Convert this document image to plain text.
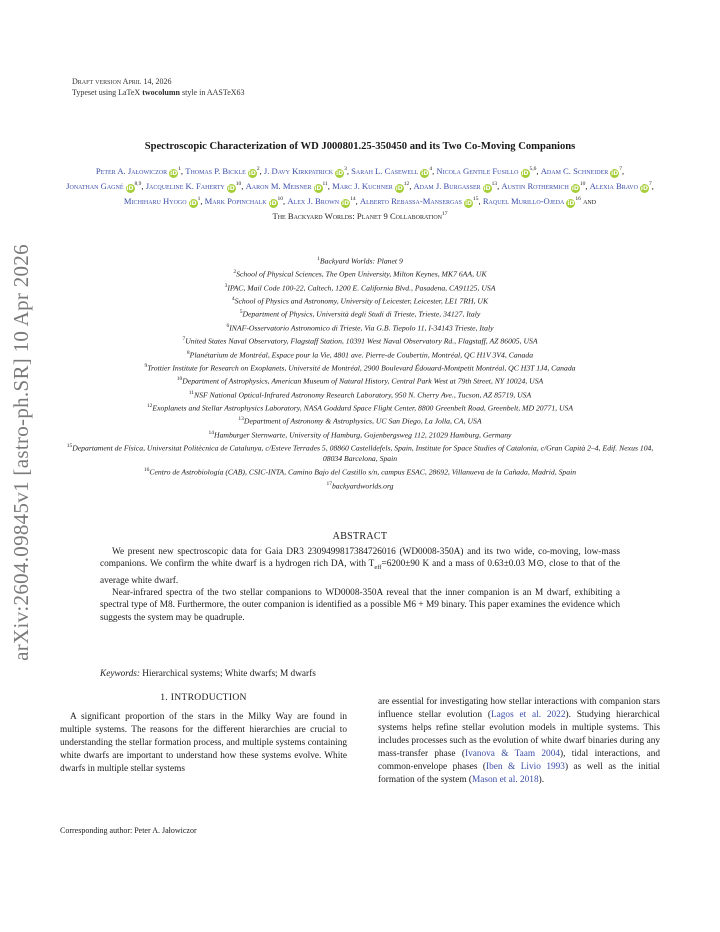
arXiv:2604.09845v1 [astro-ph.SR] 10 Apr 2026
Draft version April 14, 2026
Typeset using LaTeX twocolumn style in AASTeX63
Spectroscopic Characterization of WD J000801.25-350450 and its Two Co-Moving Companions
Peter A. Jałowiczor iD$^1$, Thomas P. Bickle iD$^2$, J. Davy Kirkpatrick iD$^3$, Sarah L. Casewell iD$^4$, Nicola Gentile Fusillo iD$^{5,6}$, Adam C. Schneider iD$^7$, Jonathan Gagné iD$^{8,9}$, Jacqueline K. Faherty iD$^{10}$, Aaron M. Meisner iD$^{11}$, Marc J. Kuchner iD$^{12}$, Adam J. Burgasser iD$^{13}$, Austin Rothermich iD$^{10}$, Alexia Bravo iD$^7$, Michiharu Hyogo iD$^1$, Mark Popinchalk iD$^{10}$, Alex J. Brown iD$^{14}$, Alberto Rebassa-Mansergas iD$^{15}$, Raquel Murillo-Ojeda iD$^{16}$ and
The Backyard Worlds: Planet 9 Collaboration$^{17}$
$^1$Backyard Worlds: Planet 9
$^2$School of Physical Sciences, The Open University, Milton Keynes, MK7 6AA, UK
$^3$IPAC, Mail Code 100-22, Caltech, 1200 E. California Blvd., Pasadena, CA91125, USA
$^4$School of Physics and Astronomy, University of Leicester, Leicester, LE1 7RH, UK
$^5$Department of Physics, Università degli Studi di Trieste, Trieste, 34127, Italy
$^6$INAF-Osservatorio Astronomico di Trieste, Via G.B. Tiepolo 11, I-34143 Trieste, Italy
$^7$United States Naval Observatory, Flagstaff Station, 10391 West Naval Observatory Rd., Flagstaff, AZ 86005, USA
$^8$Planétarium de Montréal, Espace pour la Vie, 4801 ave. Pierre-de Coubertin, Montréal, QC H1V 3V4, Canada
$^9$Trottier Institute for Research on Exoplanets, Université de Montréal, 2900 Boulevard Édouard-Montpetit Montréal, QC H3T 1J4, Canada
$^{10}$Department of Astrophysics, American Museum of Natural History, Central Park West at 79th Street, NY 10024, USA
$^{11}$NSF National Optical-Infrared Astronomy Research Laboratory, 950 N. Cherry Ave., Tucson, AZ 85719, USA
$^{12}$Exoplanets and Stellar Astrophysics Laboratory, NASA Goddard Space Flight Center, 8800 Greenbelt Road, Greenbelt, MD 20771, USA
$^{13}$Department of Astronomy & Astrophysics, UC San Diego, La Jolla, CA, USA
$^{14}$Hamburger Sternwarte, University of Hamburg, Gojenbergsweg 112, 21029 Hamburg, Germany
$^{15}$Departament de Física, Universitat Politècnica de Catalunya, c/Esteve Terrades 5, 08860 Castelldefels, Spain, Institute for Space Studies of Catalonia, c/Gran Capità 2–4, Edif. Nexus 104, 08034 Barcelona, Spain
$^{16}$Centro de Astrobiología (CAB), CSIC-INTA, Camino Bajo del Castillo s/n, campus ESAC, 28692, Villanueva de la Cañada, Madrid, Spain
$^{17}$backyardworlds.org
ABSTRACT

We present new spectroscopic data for Gaia DR3 2309499817384726016 (WD0008-350A) and its two wide, co-moving, low-mass companions. We confirm the white dwarf is a hydrogen rich DA, with $T_{eff}=6200\pm 90$ K and a mass of 0.63±0.03 M⊙, close to that of the average white dwarf.

Near-infrared spectra of the two stellar companions to WD0008-350A reveal that the inner companion is an M dwarf, exhibiting a spectral type of M8. Furthermore, the outer companion is identified as a possible M6 + M9 binary. This paper examines the evidence which suggests the system may be quadruple.

Keywords: Hierarchical systems; White dwarfs; M dwarfs
1. INTRODUCTION

A significant proportion of the stars in the Milky Way are found in multiple systems. The reasons for the different hierarchies are crucial to understanding the stellar formation process, and multiple systems containing white dwarfs are important to understand how these systems evolve. White dwarfs in multiple stellar systems

are essential for investigating how stellar interactions with companion stars influence stellar evolution (Lagos et al. 2022). Studying hierarchical systems helps refine stellar evolution models in multiple systems. This includes processes such as the evolution of white dwarf binaries during any mass-transfer phase (Ivanova & Taam 2004), tidal interactions, and common-envelope phases (Iben & Livio 1993) as well as the initial formation of the system (Mason et al. 2018).

Corresponding author: Peter A. Jałowiczor
